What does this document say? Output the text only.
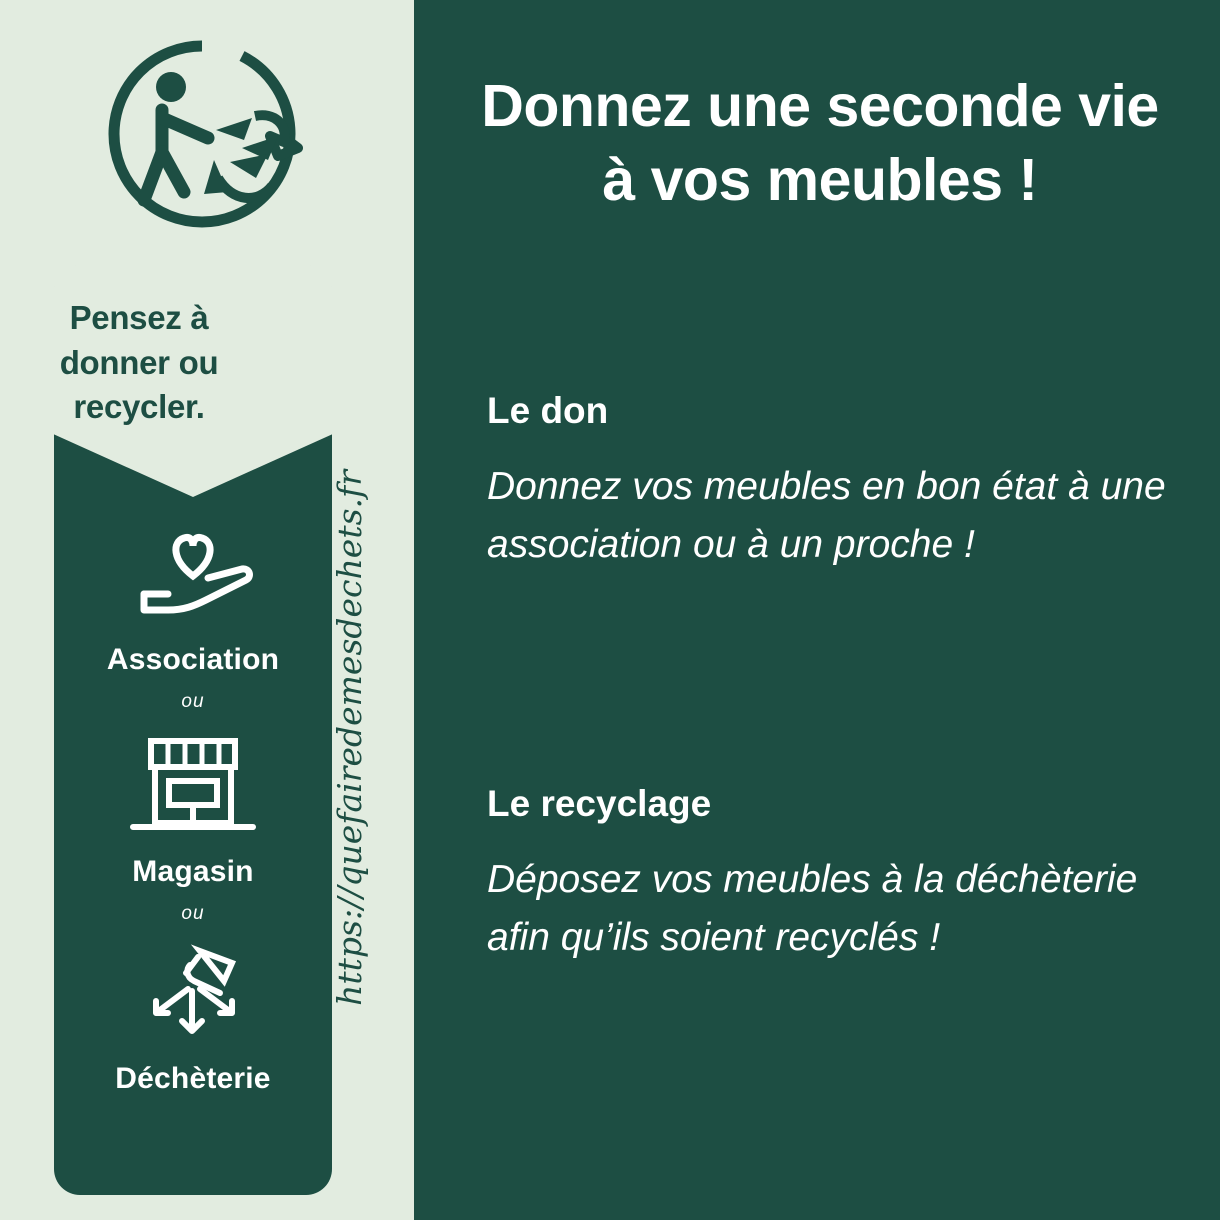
Pensez à
donner ou
recycler.
Association
ou
Magasin
ou
Déchèterie
https://quefairedemesdechets.fr
Donnez une seconde vie
à vos meubles !

Le don

Donnez vos meubles en bon état à une association ou à un proche !

Le recyclage

Déposez vos meubles à la déchèterie afin qu’ils soient recyclés !
